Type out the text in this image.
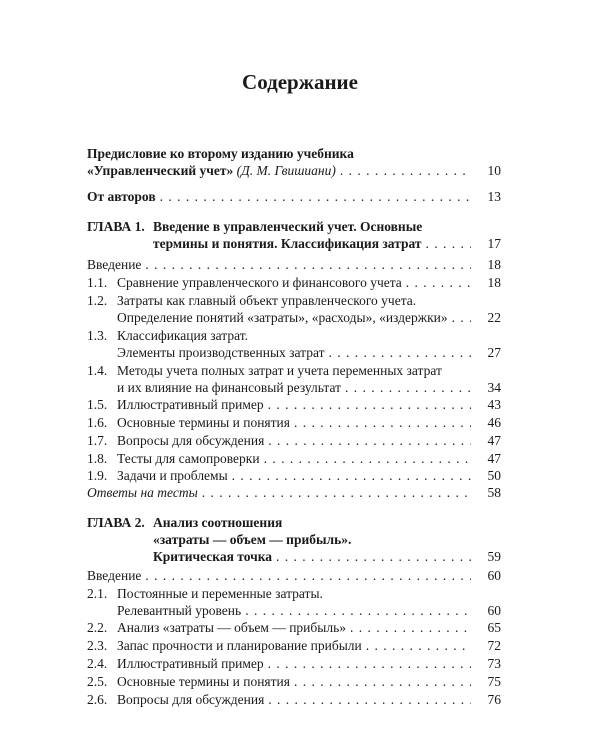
Содержание
Предисловие ко второму изданию учебника
«Управленческий учет» (Д. М. Гвишиани) . . .	10
От авторов . . .	13
ГЛАВА 1. Введение в управленческий учет. Основные
термины и понятия. Классификация затрат . . .	17
Введение . . .	18
1.1. Сравнение управленческого и финансового учета . . .	18
1.2. Затраты как главный объект управленческого учета.
Определение понятий «затраты», «расходы», «издержки» . . .	22
1.3. Классификация затрат.
Элементы производственных затрат . . .	27
1.4. Методы учета полных затрат и учета переменных затрат
и их влияние на финансовый результат . . .	34
1.5. Иллюстративный пример . . .	43
1.6. Основные термины и понятия . . .	46
1.7. Вопросы для обсуждения . . .	47
1.8. Тесты для самопроверки . . .	47
1.9. Задачи и проблемы . . .	50
Ответы на тесты . . .	58
ГЛАВА 2. Анализ соотношения
«затраты — объем — прибыль».
Критическая точка . . .	59
Введение . . .	60
2.1. Постоянные и переменные затраты.
Релевантный уровень . . .	60
2.2. Анализ «затраты — объем — прибыль» . . .	65
2.3. Запас прочности и планирование прибыли . . .	72
2.4. Иллюстративный пример . . .	73
2.5. Основные термины и понятия . . .	75
2.6. Вопросы для обсуждения . . .	76
